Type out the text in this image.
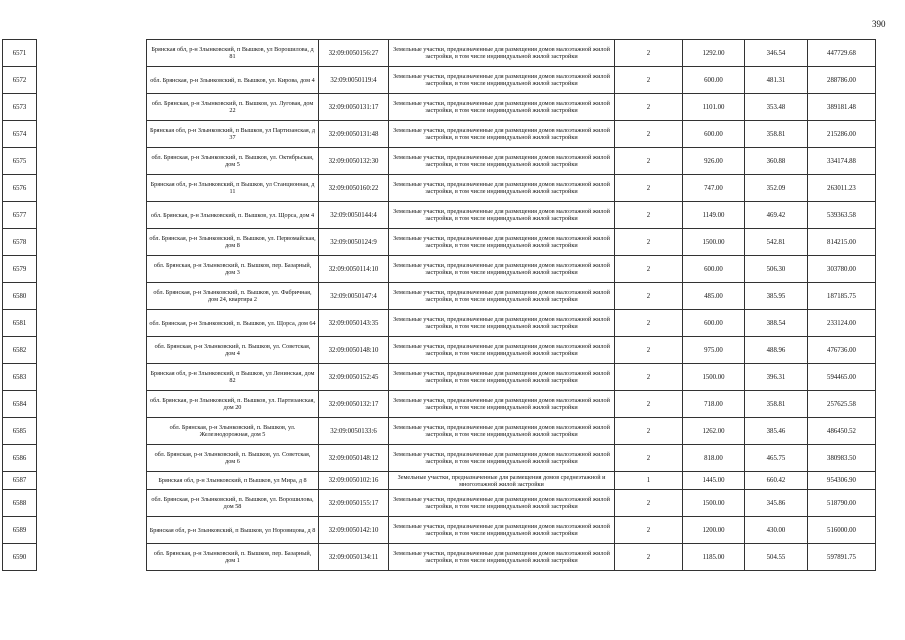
390
6571		Брянская обл, р-н Злынковский, п Вышков, ул Ворошилова, д 81	32:09:0050156:27	Земельные участки, предназначенные для размещения домов малоэтажной жилой застройки, в том числе индивидуальной жилой застройки	2	1292.00	346.54	447729.68
6572		обл. Брянская, р-н Злынковский, п. Вышков, ул. Кирова, дом 4	32:09:0050119:4	Земельные участки, предназначенные для размещения домов малоэтажной жилой застройки, в том числе индивидуальной жилой застройки	2	600.00	481.31	288786.00
6573		обл. Брянская, р-н Злынковский, п. Вышков, ул. Луговая, дом 22	32:09:0050131:17	Земельные участки, предназначенные для размещения домов малоэтажной жилой застройки, в том числе индивидуальной жилой застройки	2	1101.00	353.48	389181.48
6574		Брянская обл, р-н Злынковский, п Вышков, ул Партизанская, д 37	32:09:0050131:48	Земельные участки, предназначенные для размещения домов малоэтажной жилой застройки, в том числе индивидуальной жилой застройки	2	600.00	358.81	215286.00
6575		обл. Брянская, р-н Злынковский, п. Вышков, ул. Октябрьская, дом 5	32:09:0050132:30	Земельные участки, предназначенные для размещения домов малоэтажной жилой застройки, в том числе индивидуальной жилой застройки	2	926.00	360.88	334174.88
6576		Брянская обл, р-н Злынковский, п Вышков, ул Станционная, д 11	32:09:0050160:22	Земельные участки, предназначенные для размещения домов малоэтажной жилой застройки, в том числе индивидуальной жилой застройки	2	747.00	352.09	263011.23
6577		обл. Брянская, р-н Злынковский, п. Вышков, ул. Щорса, дом 4	32:09:0050144:4	Земельные участки, предназначенные для размещения домов малоэтажной жилой застройки, в том числе индивидуальной жилой застройки	2	1149.00	469.42	539363.58
6578		обл. Брянская, р-н Злынковский, п. Вышков, ул. Первомайская, дом 8	32:09:0050124:9	Земельные участки, предназначенные для размещения домов малоэтажной жилой застройки, в том числе индивидуальной жилой застройки	2	1500.00	542.81	814215.00
6579		обл. Брянская, р-н Злынковский, п. Вышков, пер. Базарный, дом 3	32:09:0050114:10	Земельные участки, предназначенные для размещения домов малоэтажной жилой застройки, в том числе индивидуальной жилой застройки	2	600.00	506.30	303780.00
6580		обл. Брянская, р-н Злынковский, п. Вышков, ул. Фабричная, дом 24, квартира 2	32:09:0050147:4	Земельные участки, предназначенные для размещения домов малоэтажной жилой застройки, в том числе индивидуальной жилой застройки	2	485.00	385.95	187185.75
6581		обл. Брянская, р-н Злынковский, п. Вышков, ул. Щорса, дом 64	32:09:0050143:35	Земельные участки, предназначенные для размещения домов малоэтажной жилой застройки, в том числе индивидуальной жилой застройки	2	600.00	388.54	233124.00
6582		обл. Брянская, р-н Злынковский, п. Вышков, ул. Советская, дом 4	32:09:0050148:10	Земельные участки, предназначенные для размещения домов малоэтажной жилой застройки, в том числе индивидуальной жилой застройки	2	975.00	488.96	476736.00
6583		Брянская обл, р-н Злынковский, п Вышков, ул Ленинская, дом 82	32:09:0050152:45	Земельные участки, предназначенные для размещения домов малоэтажной жилой застройки, в том числе индивидуальной жилой застройки	2	1500.00	396.31	594465.00
6584		обл. Брянская, р-н Злынковский, п. Вышков, ул. Партизанская, дом 20	32:09:0050132:17	Земельные участки, предназначенные для размещения домов малоэтажной жилой застройки, в том числе индивидуальной жилой застройки	2	718.00	358.81	257625.58
6585		обл. Брянская, р-н Злынковский, п. Вышков, ул. Железнодорожная, дом 5	32:09:0050133:6	Земельные участки, предназначенные для размещения домов малоэтажной жилой застройки, в том числе индивидуальной жилой застройки	2	1262.00	385.46	486450.52
6586		обл. Брянская, р-н Злынковский, п. Вышков, ул. Советская, дом 6	32:09:0050148:12	Земельные участки, предназначенные для размещения домов малоэтажной жилой застройки, в том числе индивидуальной жилой застройки	2	818.00	465.75	380983.50
6587		Брянская обл, р-н Злынковский, п Вышков, ул Мира, д 8	32:09:0050102:16	Земельные участки, предназначенные для размещения домов среднеэтажной и многоэтажной жилой застройки	1	1445.00	660.42	954306.90
6588		обл. Брянская, р-н Злынковский, п. Вышков, ул. Ворошилова, дом 58	32:09:0050155:17	Земельные участки, предназначенные для размещения домов малоэтажной жилой застройки, в том числе индивидуальной жилой застройки	2	1500.00	345.86	518790.00
6589		Брянская обл, р-н Злынковский, п Вышков, ул Норовицова, д 8	32:09:0050142:10	Земельные участки, предназначенные для размещения домов малоэтажной жилой застройки, в том числе индивидуальной жилой застройки	2	1200.00	430.00	516000.00
6590		обл. Брянская, р-н Злынковский, п. Вышков, пер. Базарный, дом 1	32:09:0050134:11	Земельные участки, предназначенные для размещения домов малоэтажной жилой застройки, в том числе индивидуальной жилой застройки	2	1185.00	504.55	597891.75
